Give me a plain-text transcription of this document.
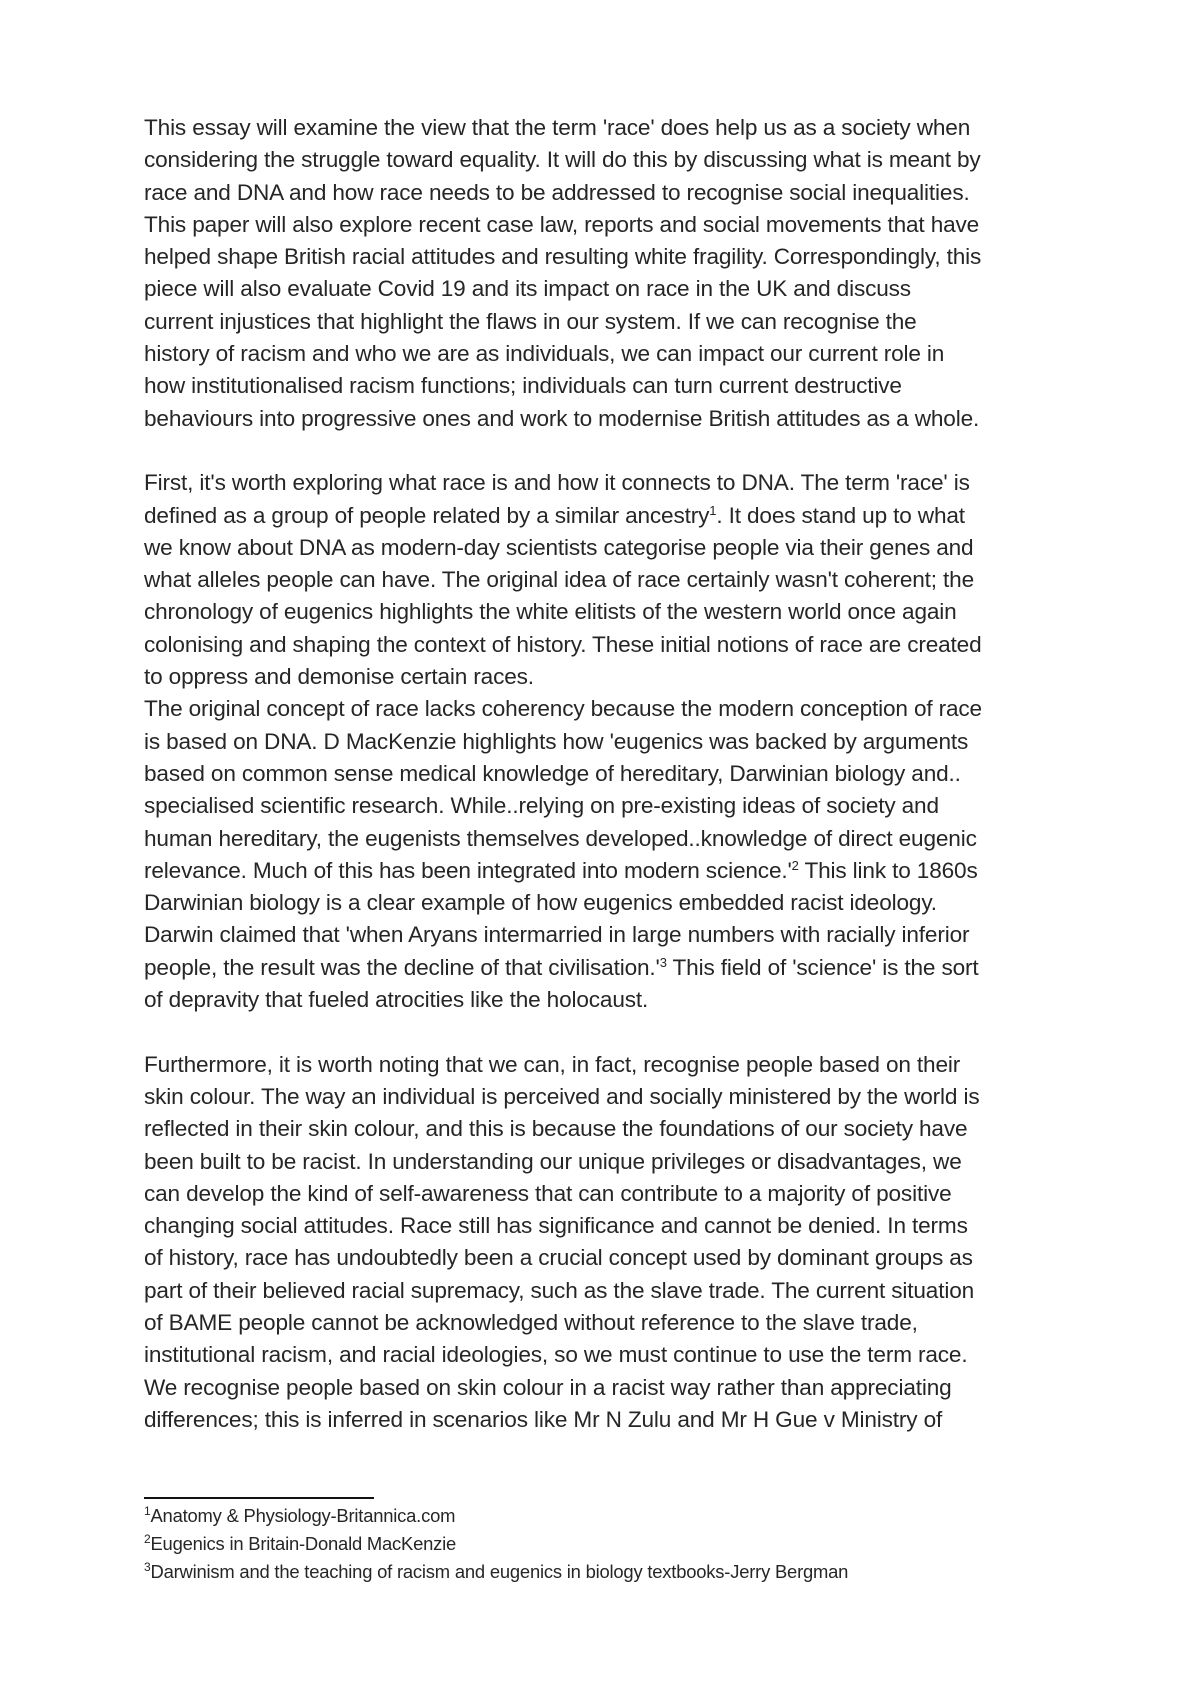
This essay will examine the view that the term 'race' does help us as a society when
considering the struggle toward equality. It will do this by discussing what is meant by
race and DNA and how race needs to be addressed to recognise social inequalities.
This paper will also explore recent case law, reports and social movements that have
helped shape British racial attitudes and resulting white fragility. Correspondingly, this
piece will also evaluate Covid 19 and its impact on race in the UK and discuss
current injustices that highlight the flaws in our system. If we can recognise the
history of racism and who we are as individuals, we can impact our current role in
how institutionalised racism functions; individuals can turn current destructive
behaviours into progressive ones and work to modernise British attitudes as a whole.

First, it's worth exploring what race is and how it connects to DNA. The term 'race' is
defined as a group of people related by a similar ancestry$^1$. It does stand up to what
we know about DNA as modern-day scientists categorise people via their genes and
what alleles people can have. The original idea of race certainly wasn't coherent; the
chronology of eugenics highlights the white elitists of the western world once again
colonising and shaping the context of history. These initial notions of race are created
to oppress and demonise certain races.

The original concept of race lacks coherency because the modern conception of race
is based on DNA. D MacKenzie highlights how 'eugenics was backed by arguments
based on common sense medical knowledge of hereditary, Darwinian biology and..
specialised scientific research. While..relying on pre-existing ideas of society and
human hereditary, the eugenists themselves developed..knowledge of direct eugenic
relevance. Much of this has been integrated into modern $science.'^2$ This link to 1860s
Darwinian biology is a clear example of how eugenics embedded racist ideology.
Darwin claimed that 'when Aryans intermarried in large numbers with racially inferior
people, the result was the decline of that $civilisation.'^3$ This field of 'science' is the sort
of depravity that fueled atrocities like the holocaust.

Furthermore, it is worth noting that we can, in fact, recognise people based on their
skin colour. The way an individual is perceived and socially ministered by the world is
reflected in their skin colour, and this is because the foundations of our society have
been built to be racist. In understanding our unique privileges or disadvantages, we
can develop the kind of self-awareness that can contribute to a majority of positive
changing social attitudes. Race still has significance and cannot be denied. In terms
of history, race has undoubtedly been a crucial concept used by dominant groups as
part of their believed racial supremacy, such as the slave trade. The current situation
of BAME people cannot be acknowledged without reference to the slave trade,
institutional racism, and racial ideologies, so we must continue to use the term race.
We recognise people based on skin colour in a racist way rather than appreciating
differences; this is inferred in scenarios like Mr N Zulu and Mr H Gue v Ministry of

$^1$Anatomy & Physiology-Britannica.com
$^2$Eugenics in Britain-Donald MacKenzie
$^3$Darwinism and the teaching of racism and eugenics in biology textbooks-Jerry Bergman
